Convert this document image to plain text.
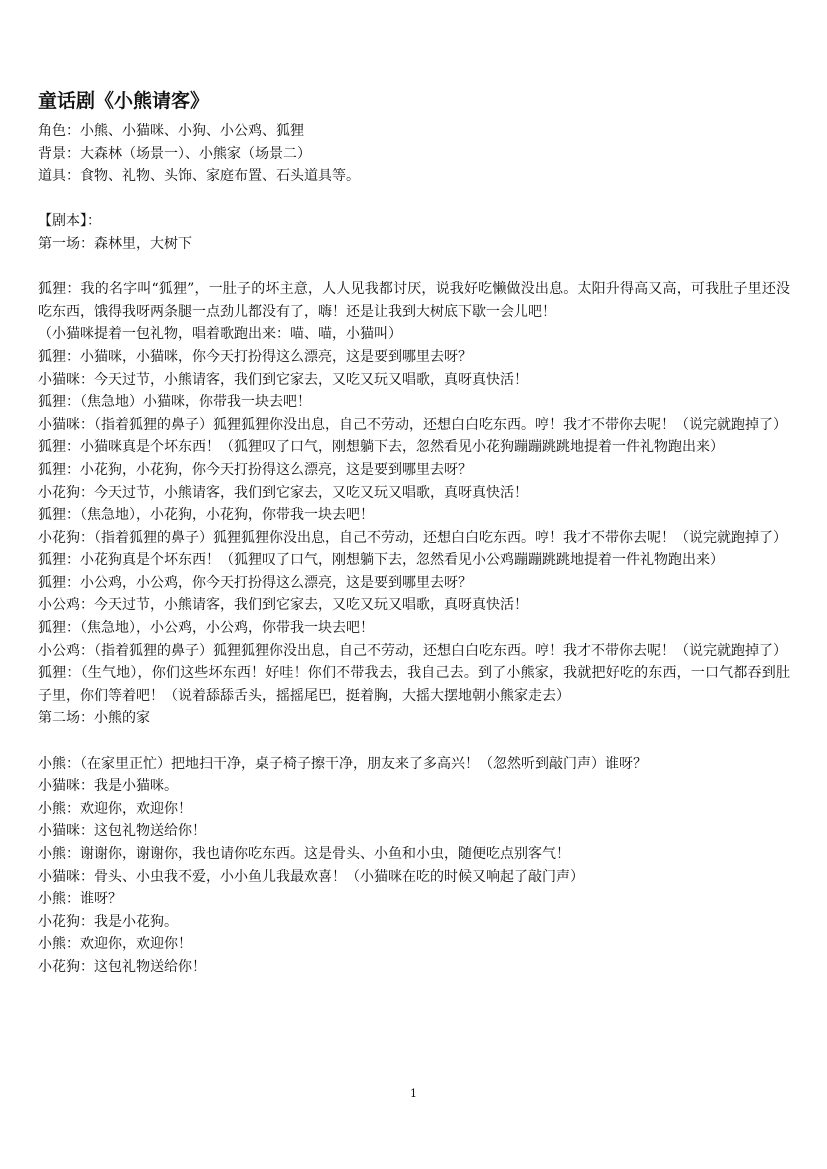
童话剧《小熊请客》

角色：小熊、小猫咪、小狗、小公鸡、狐狸

背景：大森林（场景一）、小熊家（场景二）

道具：食物、礼物、头饰、家庭布置、石头道具等。

【剧本】：

第一场：森林里，大树下

狐狸：我的名字叫“狐狸”，一肚子的坏主意，人人见我都讨厌，说我好吃懒做没出息。太阳升得高又高，可我肚子里还没吃东西，饿得我呀两条腿一点劲儿都没有了，嗨！还是让我到大树底下歇一会儿吧！

（小猫咪提着一包礼物，唱着歌跑出来：喵、喵，小猫叫）

狐狸：小猫咪，小猫咪，你今天打扮得这么漂亮，这是要到哪里去呀？

小猫咪：今天过节，小熊请客，我们到它家去，又吃又玩又唱歌，真呀真快活！

狐狸：（焦急地）小猫咪，你带我一块去吧！

小猫咪：（指着狐狸的鼻子）狐狸狐狸你没出息，自己不劳动，还想白白吃东西。哼！我才不带你去呢！（说完就跑掉了）

狐狸：小猫咪真是个坏东西！（狐狸叹了口气，刚想躺下去，忽然看见小花狗蹦蹦跳跳地提着一件礼物跑出来）

狐狸：小花狗，小花狗，你今天打扮得这么漂亮，这是要到哪里去呀？

小花狗：今天过节，小熊请客，我们到它家去，又吃又玩又唱歌，真呀真快活！

狐狸：（焦急地），小花狗，小花狗，你带我一块去吧！

小花狗：（指着狐狸的鼻子）狐狸狐狸你没出息，自己不劳动，还想白白吃东西。哼！我才不带你去呢！（说完就跑掉了）

狐狸：小花狗真是个坏东西！（狐狸叹了口气，刚想躺下去，忽然看见小公鸡蹦蹦跳跳地提着一件礼物跑出来）

狐狸：小公鸡，小公鸡，你今天打扮得这么漂亮，这是要到哪里去呀？

小公鸡：今天过节，小熊请客，我们到它家去，又吃又玩又唱歌，真呀真快活！

狐狸：（焦急地），小公鸡，小公鸡，你带我一块去吧！

小公鸡：（指着狐狸的鼻子）狐狸狐狸你没出息，自己不劳动，还想白白吃东西。哼！我才不带你去呢！（说完就跑掉了）

狐狸：（生气地），你们这些坏东西！好哇！你们不带我去，我自己去。到了小熊家，我就把好吃的东西，一口气都吞到肚子里，你们等着吧！（说着舔舔舌头，摇摇尾巴，挺着胸，大摇大摆地朝小熊家走去）

第二场：小熊的家

小熊：（在家里正忙）把地扫干净，桌子椅子擦干净，朋友来了多高兴！（忽然听到敲门声）谁呀？

小猫咪：我是小猫咪。

小熊：欢迎你，欢迎你！

小猫咪：这包礼物送给你！

小熊：谢谢你，谢谢你，我也请你吃东西。这是骨头、小鱼和小虫，随便吃点别客气！

小猫咪：骨头、小虫我不爱，小小鱼儿我最欢喜！（小猫咪在吃的时候又响起了敲门声）

小熊：谁呀？

小花狗：我是小花狗。

小熊：欢迎你，欢迎你！

小花狗：这包礼物送给你！

1
